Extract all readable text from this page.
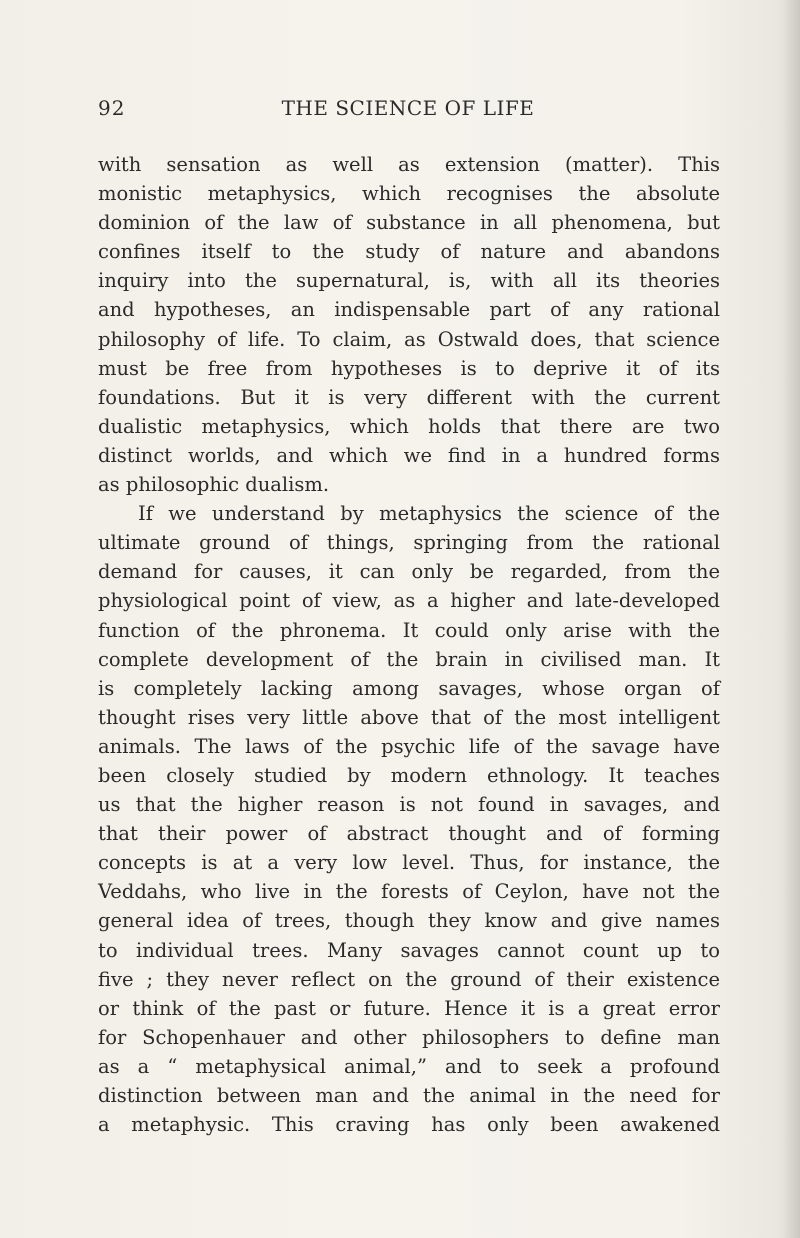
92	THE SCIENCE OF LIFE
with sensation as well as extension (matter). This
monistic metaphysics, which recognises the absolute
dominion of the law of substance in all phenomena, but
confines itself to the study of nature and abandons
inquiry into the supernatural, is, with all its theories
and hypotheses, an indispensable part of any rational
philosophy of life. To claim, as Ostwald does, that science
must be free from hypotheses is to deprive it of its
foundations. But it is very different with the current
dualistic metaphysics, which holds that there are two
distinct worlds, and which we find in a hundred forms
as philosophic dualism.
If we understand by metaphysics the science of the
ultimate ground of things, springing from the rational
demand for causes, it can only be regarded, from the
physiological point of view, as a higher and late-developed
function of the phronema. It could only arise with the
complete development of the brain in civilised man. It
is completely lacking among savages, whose organ of
thought rises very little above that of the most intelligent
animals. The laws of the psychic life of the savage have
been closely studied by modern ethnology. It teaches
us that the higher reason is not found in savages, and
that their power of abstract thought and of forming
concepts is at a very low level. Thus, for instance, the
Veddahs, who live in the forests of Ceylon, have not the
general idea of trees, though they know and give names
to individual trees. Many savages cannot count up to
five ; they never reflect on the ground of their existence
or think of the past or future. Hence it is a great error
for Schopenhauer and other philosophers to define man
as a “ metaphysical animal,” and to seek a profound
distinction between man and the animal in the need for
a metaphysic. This craving has only been awakened
